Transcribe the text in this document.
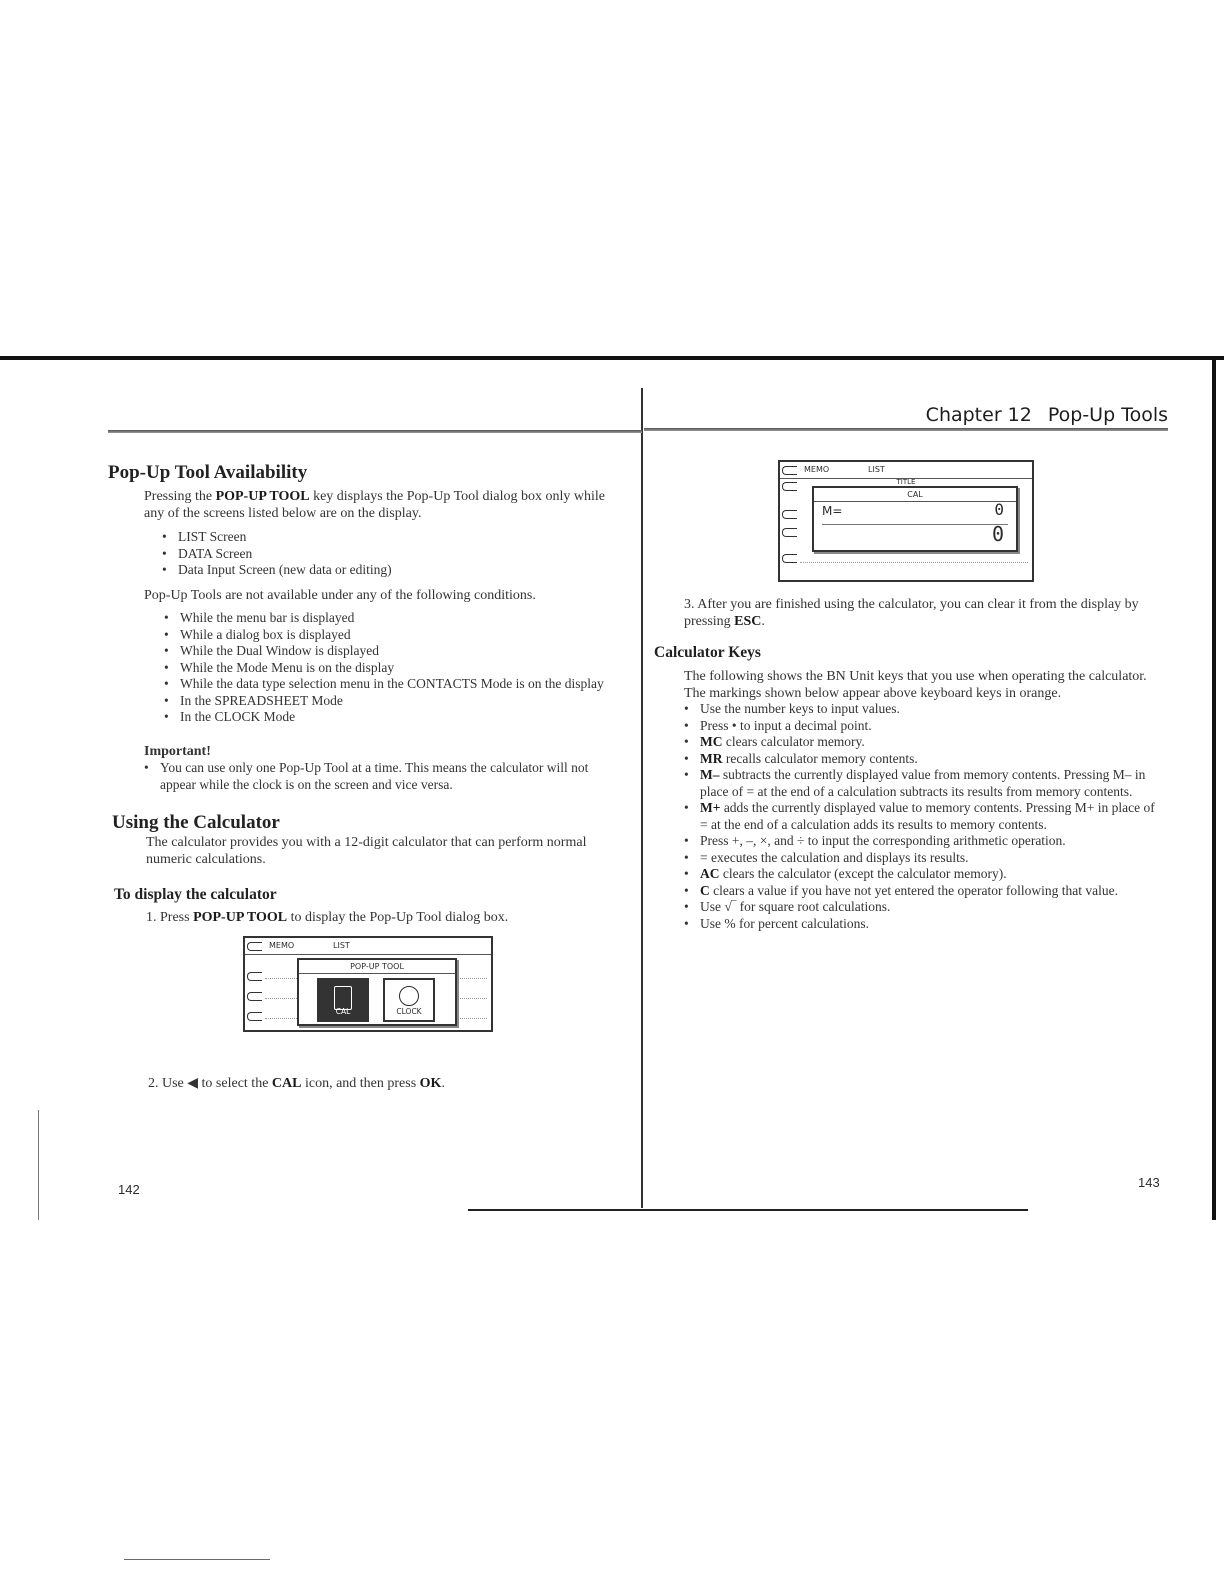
Chapter 12 Pop-Up Tools
Pop-Up Tool Availability
Pressing the POP-UP TOOL key displays the Pop-Up Tool dialog box only while any of the screens listed below are on the display.
• LIST Screen
• DATA Screen
• Data Input Screen (new data or editing)
Pop-Up Tools are not available under any of the following conditions.
• While the menu bar is displayed
• While a dialog box is displayed
• While the Dual Window is displayed
• While the Mode Menu is on the display
• While the data type selection menu in the CONTACTS Mode is on the display
• In the SPREADSHEET Mode
• In the CLOCK Mode
Important!
• You can use only one Pop-Up Tool at a time. This means the calculator will not appear while the clock is on the screen and vice versa.
Using the Calculator
The calculator provides you with a 12-digit calculator that can perform normal numeric calculations.
To display the calculator
1. Press POP-UP TOOL to display the Pop-Up Tool dialog box.
MEMO	LIST
POP-UP TOOL
CAL	CLOCK
2. Use ◀ to select the CAL icon, and then press OK.
142
MEMO	LIST
TITLE
CAL
M=	0
0
3. After you are finished using the calculator, you can clear it from the display by pressing ESC.
Calculator Keys
The following shows the BN Unit keys that you use when operating the calculator. The markings shown below appear above keyboard keys in orange.
• Use the number keys to input values.
• Press • to input a decimal point.
• MC clears calculator memory.
• MR recalls calculator memory contents.
• M– subtracts the currently displayed value from memory contents. Pressing M– in place of = at the end of a calculation subtracts its results from memory contents.
• M+ adds the currently displayed value to memory contents. Pressing M+ in place of = at the end of a calculation adds its results to memory contents.
• Press +, –, ×, and ÷ to input the corresponding arithmetic operation.
• = executes the calculation and displays its results.
• AC clears the calculator (except the calculator memory).
• C clears a value if you have not yet entered the operator following that value.
• Use √‾ for square root calculations.
• Use % for percent calculations.
143
